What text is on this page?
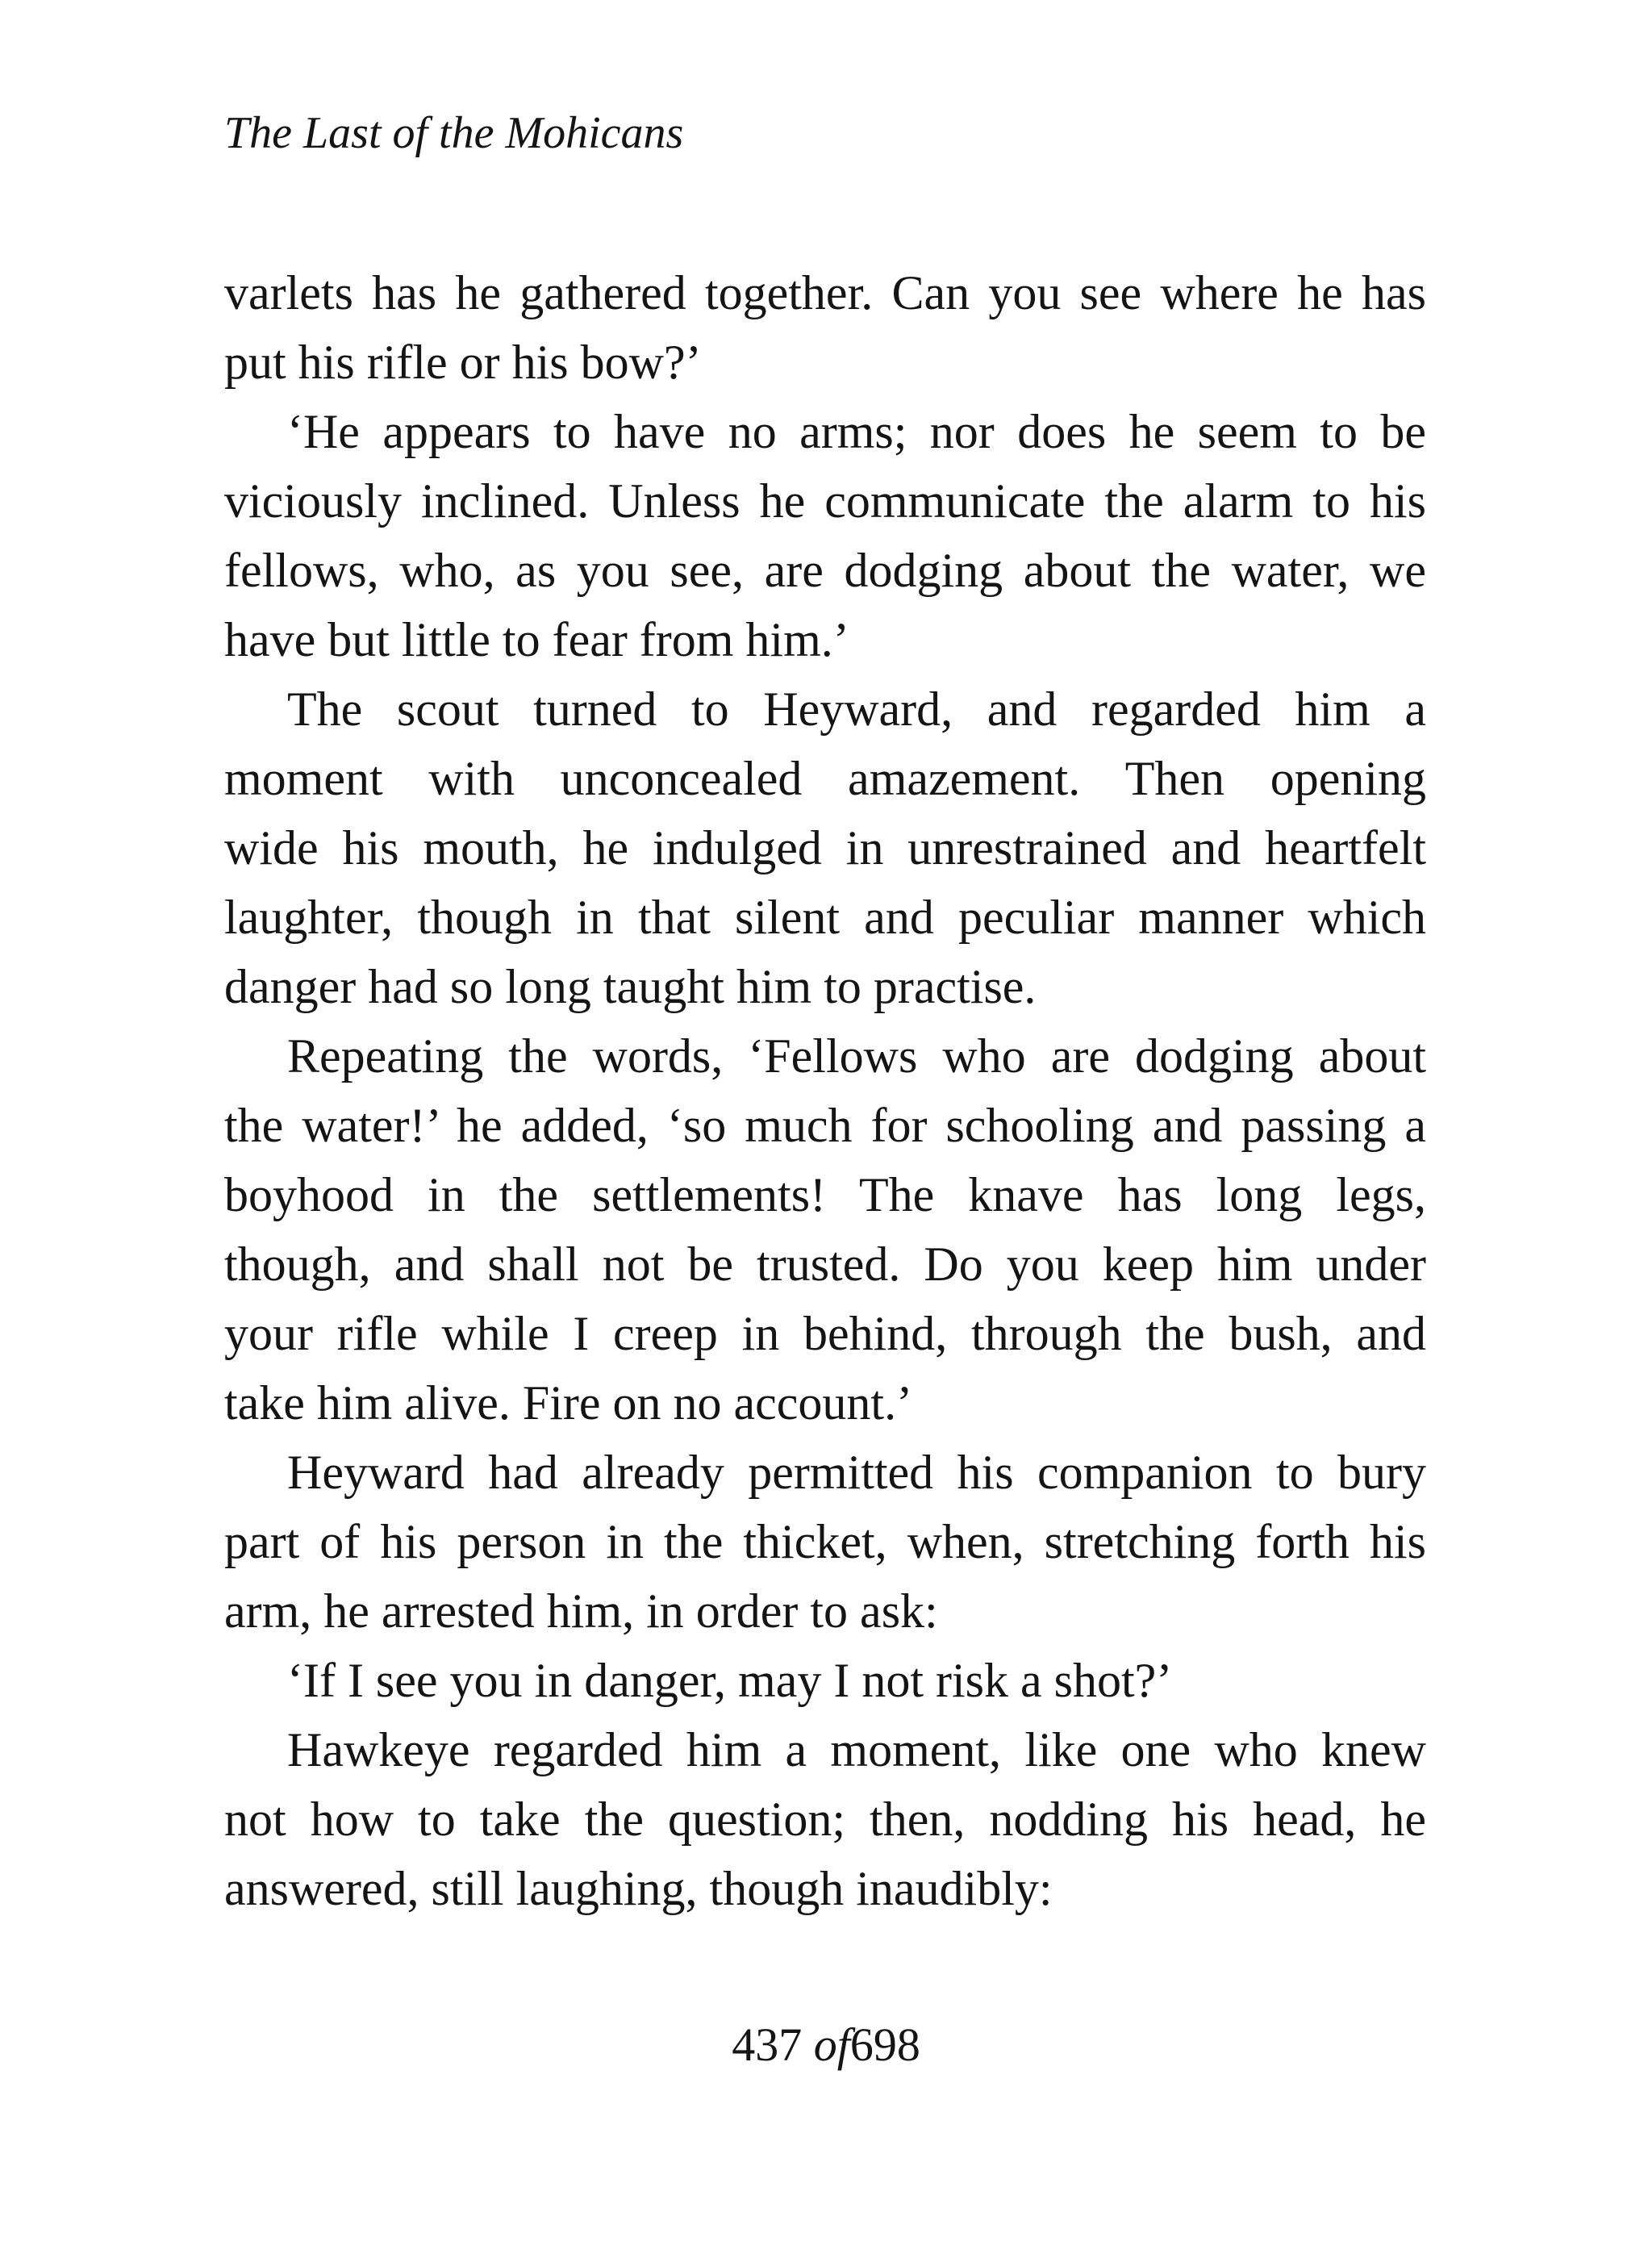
The Last of the Mohicans
varlets has he gathered together. Can you see where he has
put his rifle or his bow?’
‘He appears to have no arms; nor does he seem to be
viciously inclined. Unless he communicate the alarm to his
fellows, who, as you see, are dodging about the water, we
have but little to fear from him.’
The scout turned to Heyward, and regarded him a
moment with unconcealed amazement. Then opening
wide his mouth, he indulged in unrestrained and heartfelt
laughter, though in that silent and peculiar manner which
danger had so long taught him to practise.
Repeating the words, ‘Fellows who are dodging about
the water!’ he added, ‘so much for schooling and passing a
boyhood in the settlements! The knave has long legs,
though, and shall not be trusted. Do you keep him under
your rifle while I creep in behind, through the bush, and
take him alive. Fire on no account.’
Heyward had already permitted his companion to bury
part of his person in the thicket, when, stretching forth his
arm, he arrested him, in order to ask:
‘If I see you in danger, may I not risk a shot?’
Hawkeye regarded him a moment, like one who knew
not how to take the question; then, nodding his head, he
answered, still laughing, though inaudibly:
437 of698
